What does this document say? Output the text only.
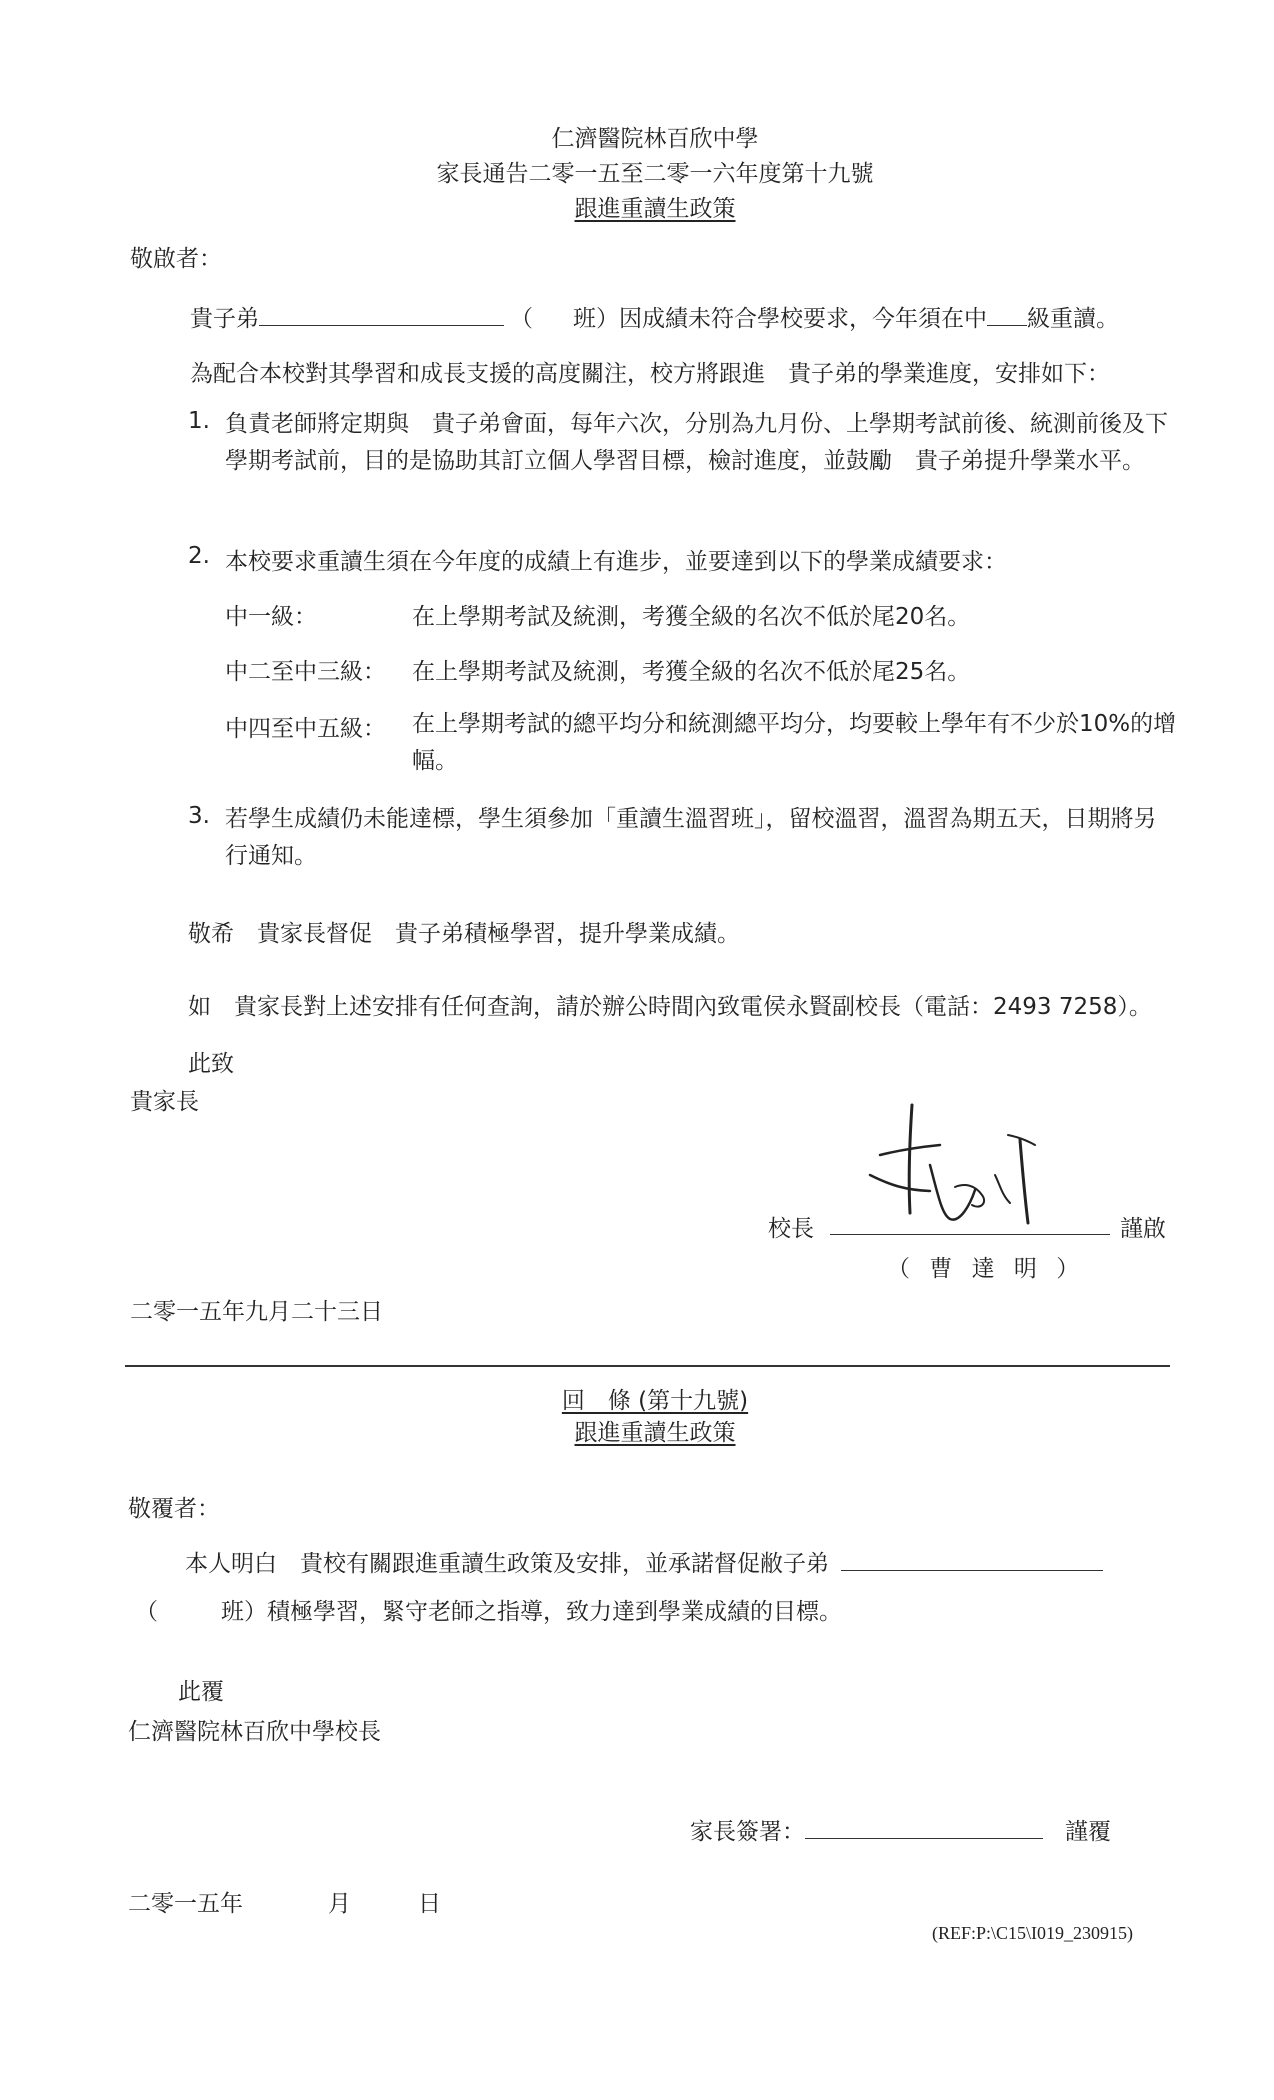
仁濟醫院林百欣中學
家長通告二零一五至二零一六年度第十九號
跟進重讀生政策
敬啟者：
貴子弟	（ 班）因成績未符合學校要求，今年須在中 級重讀。
為配合本校對其學習和成長支援的高度關注，校方將跟進　貴子弟的學業進度，安排如下：
1. 負責老師將定期與　貴子弟會面，每年六次，分別為九月份、上學期考試前後、統測前後及下學期考試前，目的是協助其訂立個人學習目標，檢討進度，並鼓勵　貴子弟提升學業水平。
2. 本校要求重讀生須在今年度的成績上有進步，並要達到以下的學業成績要求：
中一級：	在上學期考試及統測，考獲全級的名次不低於尾20名。
中二至中三級： 在上學期考試及統測，考獲全級的名次不低於尾25名。
中四至中五級： 在上學期考試的總平均分和統測總平均分，均要較上學年有不少於10%的增幅。
3. 若學生成績仍未能達標，學生須參加「重讀生溫習班」，留校溫習，溫習為期五天，日期將另行通知。
敬希　貴家長督促　貴子弟積極學習，提升學業成績。
如　貴家長對上述安排有任何查詢，請於辦公時間內致電侯永賢副校長（電話：2493 7258）。
此致
貴家長
校長	謹啟
（ 曹 達 明 ）
二零一五年九月二十三日
回　條 (第十九號)
跟進重讀生政策
敬覆者：
本人明白　貴校有關跟進重讀生政策及安排，並承諾督促敝子弟
（	班）積極學習，緊守老師之指導，致力達到學業成績的目標。
此覆
仁濟醫院林百欣中學校長
家長簽署：	謹覆
二零一五年	月	日
(REF:P:\C15\I019_230915)
